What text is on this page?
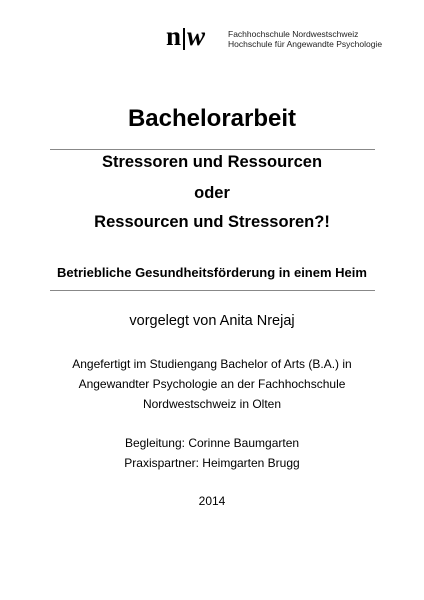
n w	Fachhochschule Nordwestschweiz
Hochschule für Angewandte Psychologie
Bachelorarbeit
Stressoren und Ressourcen
oder
Ressourcen und Stressoren?!
Betriebliche Gesundheitsförderung in einem Heim
vorgelegt von Anita Nrejaj
Angefertigt im Studiengang Bachelor of Arts (B.A.) in
Angewandter Psychologie an der Fachhochschule
Nordwestschweiz in Olten
Begleitung: Corinne Baumgarten
Praxispartner: Heimgarten Brugg
2014
